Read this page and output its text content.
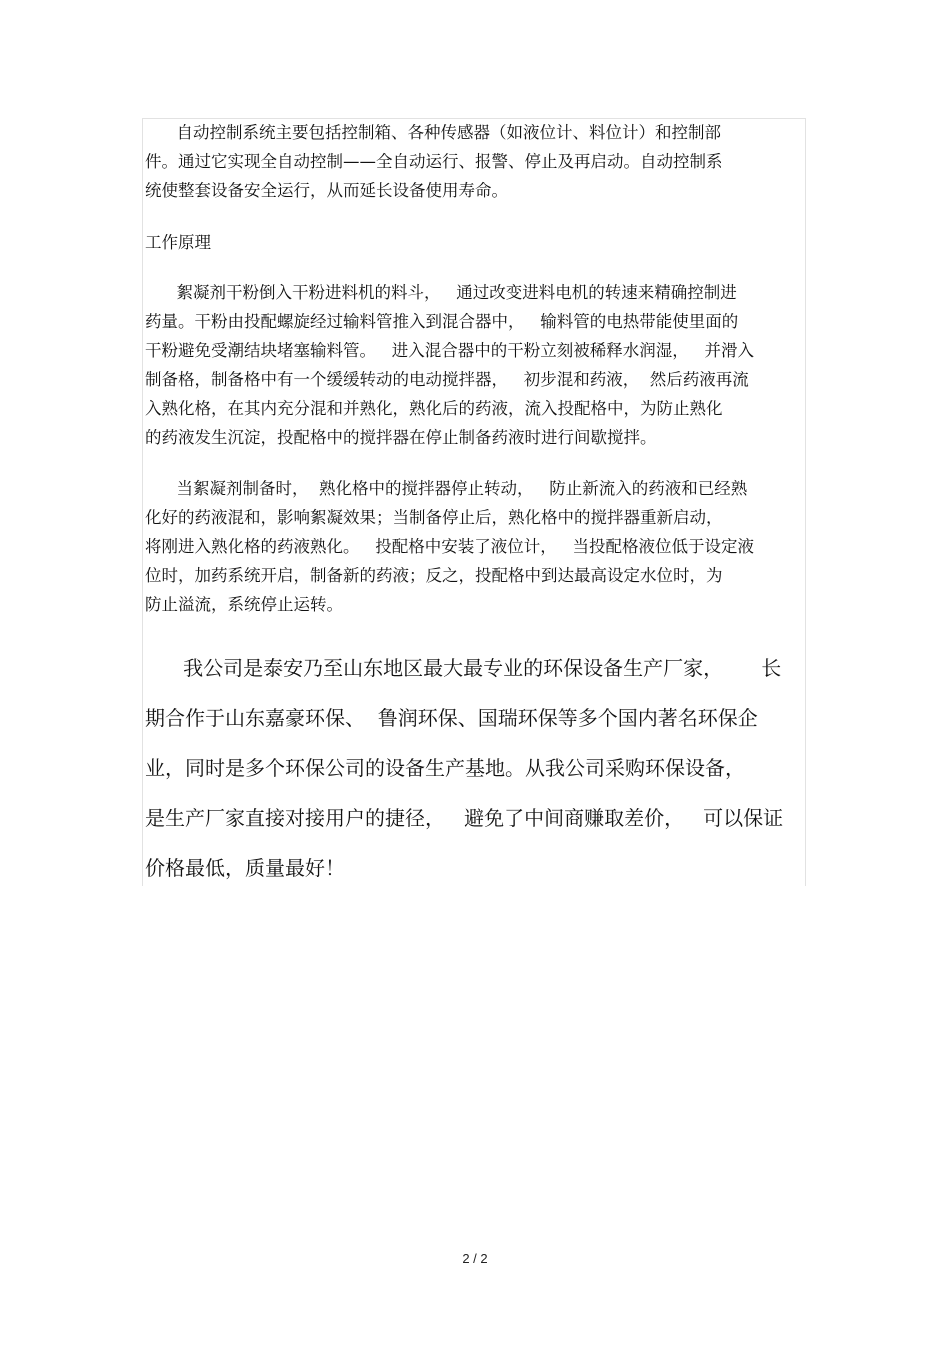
自动控制系统主要包括控制箱、各种传感器（如液位计、料位计）和控制部
件。通过它实现全自动控制——全自动运行、报警、停止及再启动。自动控制系
统使整套设备安全运行，从而延长设备使用寿命。

工作原理

絮凝剂干粉倒入干粉进料机的料斗，   通过改变进料电机的转速来精确控制进
药量。干粉由投配螺旋经过输料管推入到混合器中，   输料管的电热带能使里面的
干粉避免受潮结块堵塞输料管。   进入混合器中的干粉立刻被稀释水润湿，   并滑入
制备格，制备格中有一个缓缓转动的电动搅拌器，   初步混和药液，  然后药液再流
入熟化格，在其内充分混和并熟化，熟化后的药液，流入投配格中，为防止熟化
的药液发生沉淀，投配格中的搅拌器在停止制备药液时进行间歇搅拌。
当絮凝剂制备时，  熟化格中的搅拌器停止转动，   防止新流入的药液和已经熟
化好的药液混和，影响絮凝效果；当制备停止后，熟化格中的搅拌器重新启动，
将刚进入熟化格的药液熟化。   投配格中安装了液位计，   当投配格液位低于设定液
位时，加药系统开启，制备新的药液；反之，投配格中到达最高设定水位时，为
防止溢流，系统停止运转。
我公司是泰安乃至山东地区最大最专业的环保设备生产厂家，      长
期合作于山东嘉豪环保、  鲁润环保、国瑞环保等多个国内著名环保企
业，同时是多个环保公司的设备生产基地。从我公司采购环保设备，
是生产厂家直接对接用户的捷径，   避免了中间商赚取差价，   可以保证
价格最低，质量最好！
2 / 2
